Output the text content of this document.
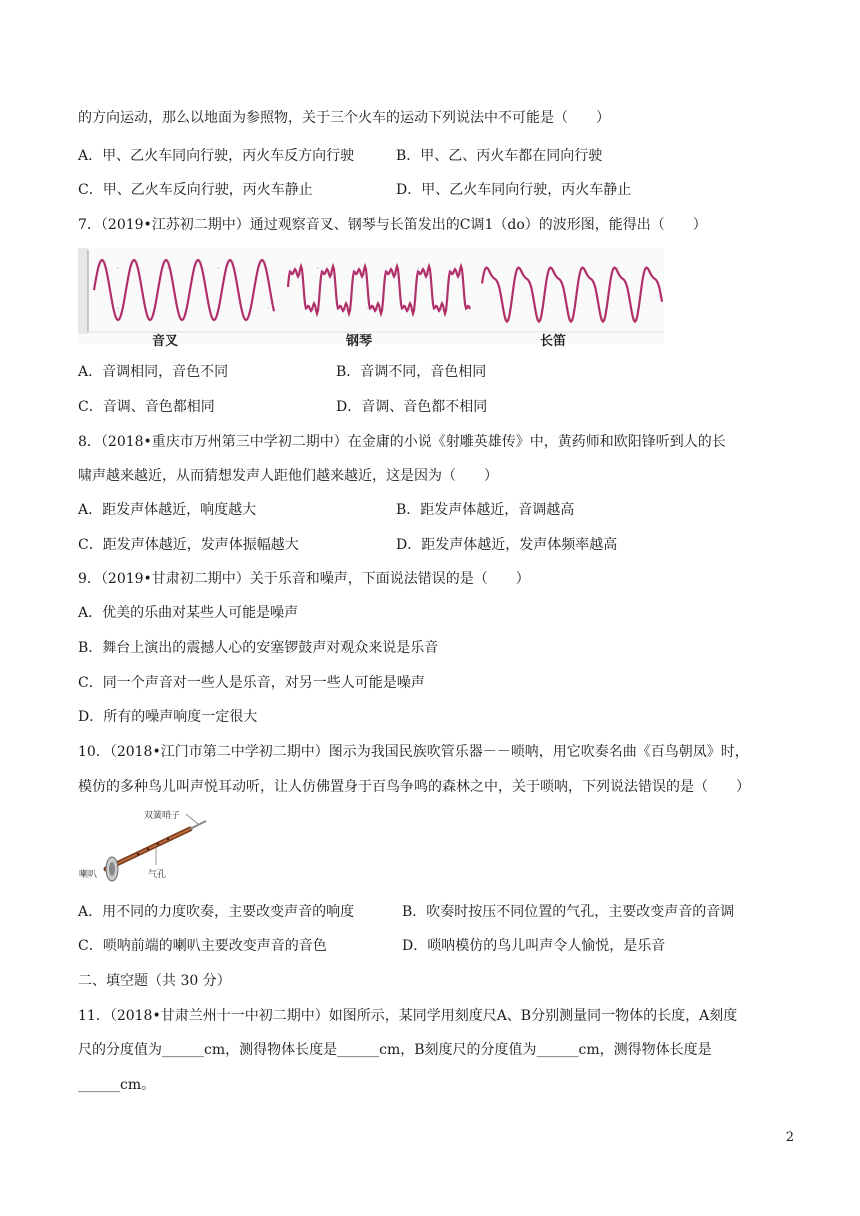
的方向运动，那么以地面为参照物，关于三个火车的运动下列说法中不可能是（　　）
A．甲、乙火车同向行驶，丙火车反方向行驶	B．甲、乙、丙火车都在同向行驶
C．甲、乙火车反向行驶，丙火车静止	D．甲、乙火车同向行驶，丙火车静止
7．（2019•江苏初二期中）通过观察音叉、钢琴与长笛发出的C调1（do）的波形图，能得出（　　）
音叉	钢琴	长笛
A．音调相同，音色不同	B．音调不同，音色相同
C．音调、音色都相同	D．音调、音色都不相同
8．（2018•重庆市万州第三中学初二期中）在金庸的小说《射雕英雄传》中，黄药师和欧阳锋听到人的长
啸声越来越近，从而猜想发声人距他们越来越近，这是因为（　　）
A．距发声体越近，响度越大	B．距发声体越近，音调越高
C．距发声体越近，发声体振幅越大	D．距发声体越近，发声体频率越高
9．（2019•甘肃初二期中）关于乐音和噪声，下面说法错误的是（　　）
A．优美的乐曲对某些人可能是噪声
B．舞台上演出的震撼人心的安塞锣鼓声对观众来说是乐音
C．同一个声音对一些人是乐音，对另一些人可能是噪声
D．所有的噪声响度一定很大
10．（2018•江门市第二中学初二期中）图示为我国民族吹管乐器－－唢呐，用它吹奏名曲《百鸟朝凤》时，
模仿的多种鸟儿叫声悦耳动听，让人仿佛置身于百鸟争鸣的森林之中，关于唢呐，下列说法错误的是（　　）
双簧哨子
喇叭	气孔
A．用不同的力度吹奏，主要改变声音的响度	B．吹奏时按压不同位置的气孔，主要改变声音的音调
C．唢呐前端的喇叭主要改变声音的音色	D．唢呐模仿的鸟儿叫声令人愉悦，是乐音
二、填空题（共 30 分）
11．（2018•甘肃兰州十一中初二期中）如图所示，某同学用刻度尺A、B分别测量同一物体的长度，A刻度
尺的分度值为______cm，测得物体长度是______cm，B刻度尺的分度值为______cm，测得物体长度是
______cm。
2
